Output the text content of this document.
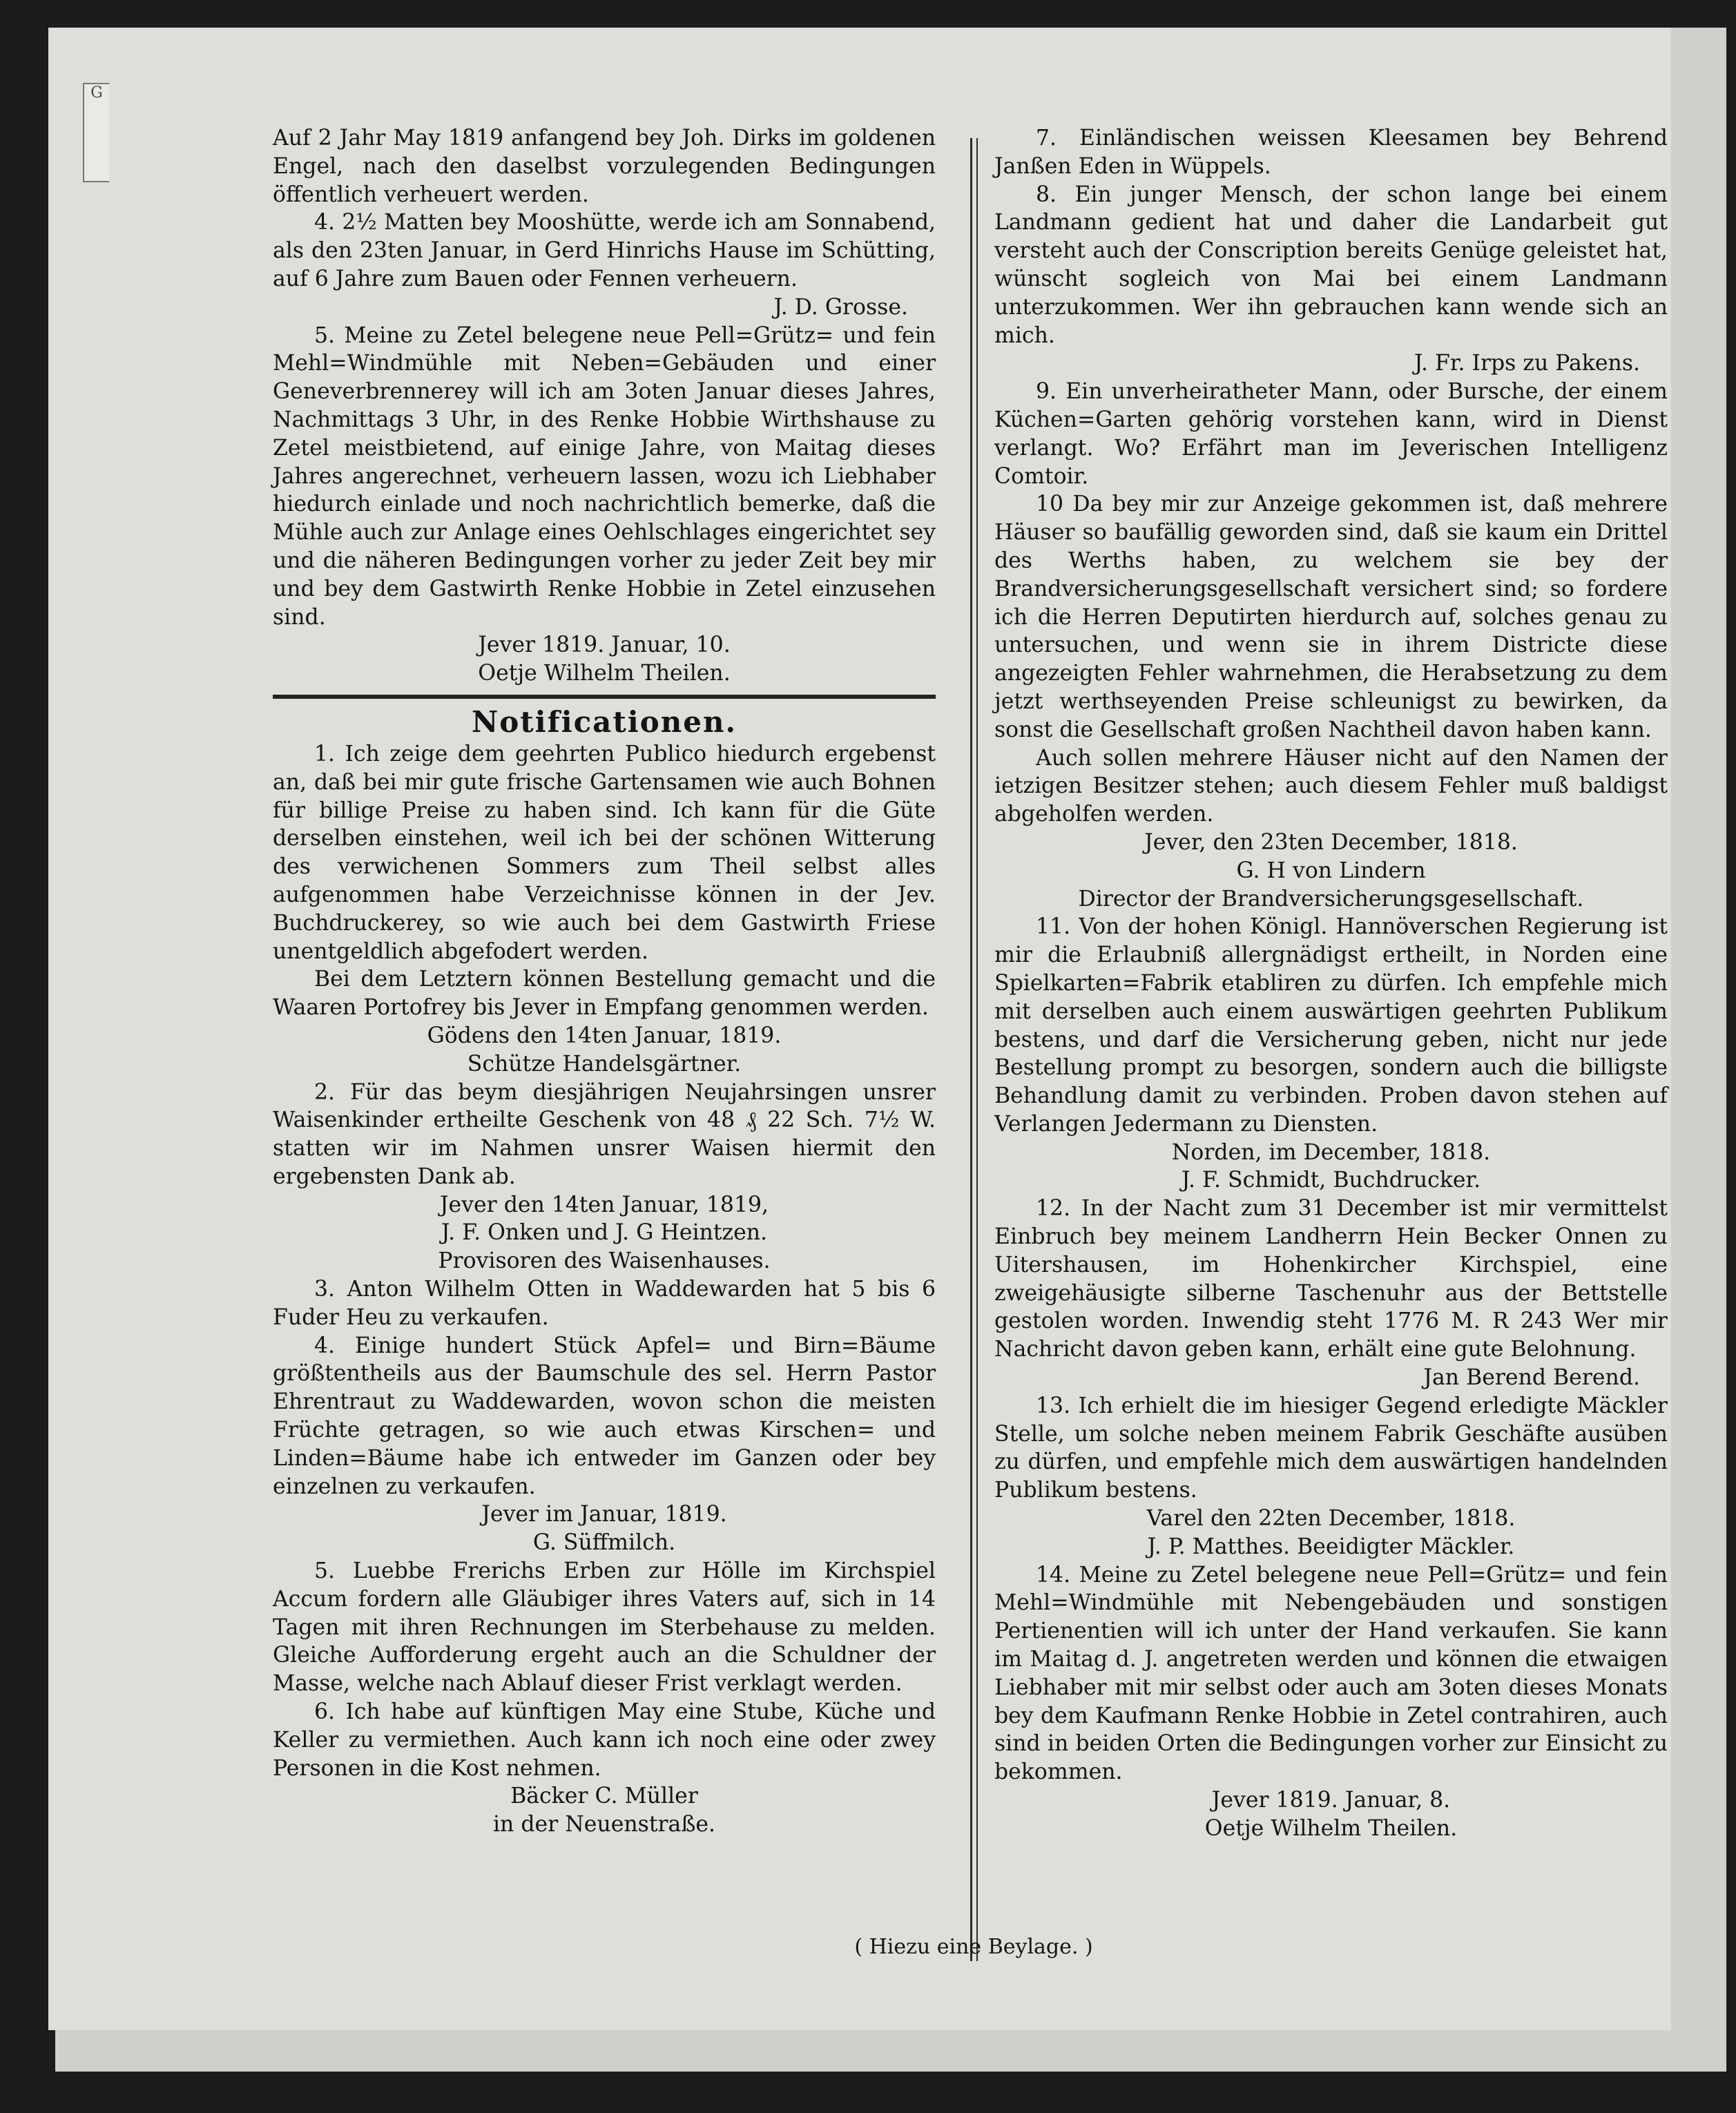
G

Auf 2 Jahr May 1819 anfangend bey Joh. Dirks im goldenen Engel, nach den daselbst vorzulegenden Bedingungen öffentlich verheuert werden.

4. 2½ Matten bey Mooshütte, werde ich am Sonnabend, als den 23ten Januar, in Gerd Hinrichs Hause im Schütting, auf 6 Jahre zum Bauen oder Fennen verheuern.

J. D. Grosse.

5. Meine zu Zetel belegene neue Pell=Grütz= und fein Mehl=Windmühle mit Neben=Gebäuden und einer Geneverbrennerey will ich am 3oten Januar dieses Jahres, Nachmittags 3 Uhr, in des Renke Hobbie Wirthshause zu Zetel meistbietend, auf einige Jahre, von Maitag dieses Jahres angerechnet, verheuern lassen, wozu ich Liebhaber hiedurch einlade und noch nachrichtlich bemerke, daß die Mühle auch zur Anlage eines Oehlschlages eingerichtet sey und die näheren Bedingungen vorher zu jeder Zeit bey mir und bey dem Gastwirth Renke Hobbie in Zetel einzusehen sind.

Jever 1819. Januar, 10.

Oetje Wilhelm Theilen.

Notificationen.

1. Ich zeige dem geehrten Publico hiedurch ergebenst an, daß bei mir gute frische Gartensamen wie auch Bohnen für billige Preise zu haben sind. Ich kann für die Güte derselben einstehen, weil ich bei der schönen Witterung des verwichenen Sommers zum Theil selbst alles aufgenommen habe Verzeichnisse können in der Jev. Buchdruckerey, so wie auch bei dem Gastwirth Friese unentgeldlich abgefodert werden.

Bei dem Letztern können Bestellung gemacht und die Waaren Portofrey bis Jever in Empfang genommen werden.

Gödens den 14ten Januar, 1819.

Schütze Handelsgärtner.

2. Für das beym diesjährigen Neujahrsingen unsrer Waisenkinder ertheilte Geschenk von 48 ₰ 22 Sch. 7½ W. statten wir im Nahmen unsrer Waisen hiermit den ergebensten Dank ab.

Jever den 14ten Januar, 1819,

J. F. Onken und J. G Heintzen.

Provisoren des Waisenhauses.

3. Anton Wilhelm Otten in Waddewarden hat 5 bis 6 Fuder Heu zu verkaufen.

4. Einige hundert Stück Apfel= und Birn=Bäume größtentheils aus der Baumschule des sel. Herrn Pastor Ehrentraut zu Waddewarden, wovon schon die meisten Früchte getragen, so wie auch etwas Kirschen= und Linden=Bäume habe ich entweder im Ganzen oder bey einzelnen zu verkaufen.

Jever im Januar, 1819.

G. Süffmilch.

5. Luebbe Frerichs Erben zur Hölle im Kirchspiel Accum fordern alle Gläubiger ihres Vaters auf, sich in 14 Tagen mit ihren Rechnungen im Sterbehause zu melden. Gleiche Aufforderung ergeht auch an die Schuldner der Masse, welche nach Ablauf dieser Frist verklagt werden.

6. Ich habe auf künftigen May eine Stube, Küche und Keller zu vermiethen. Auch kann ich noch eine oder zwey Personen in die Kost nehmen.

Bäcker C. Müller

in der Neuenstraße.

7. Einländischen weissen Kleesamen bey Behrend Janßen Eden in Wüppels.

8. Ein junger Mensch, der schon lange bei einem Landmann gedient hat und daher die Landarbeit gut versteht auch der Conscription bereits Genüge geleistet hat, wünscht sogleich von Mai bei einem Landmann unterzukommen. Wer ihn gebrauchen kann wende sich an mich.

J. Fr. Irps zu Pakens.

9. Ein unverheiratheter Mann, oder Bursche, der einem Küchen=Garten gehörig vorstehen kann, wird in Dienst verlangt. Wo? Erfährt man im Jeverischen Intelligenz Comtoir.

10 Da bey mir zur Anzeige gekommen ist, daß mehrere Häuser so baufällig geworden sind, daß sie kaum ein Drittel des Werths haben, zu welchem sie bey der Brandversicherungsgesellschaft versichert sind; so fordere ich die Herren Deputirten hierdurch auf, solches genau zu untersuchen, und wenn sie in ihrem Districte diese angezeigten Fehler wahrnehmen, die Herabsetzung zu dem jetzt werthseyenden Preise schleunigst zu bewirken, da sonst die Gesellschaft großen Nachtheil davon haben kann.

Auch sollen mehrere Häuser nicht auf den Namen der ietzigen Besitzer stehen; auch diesem Fehler muß baldigst abgeholfen werden.

Jever, den 23ten December, 1818.

G. H von Lindern

Director der Brandversicherungsgesellschaft.

11. Von der hohen Königl. Hannöverschen Regierung ist mir die Erlaubniß allergnädigst ertheilt, in Norden eine Spielkarten=Fabrik etabliren zu dürfen. Ich empfehle mich mit derselben auch einem auswärtigen geehrten Publikum bestens, und darf die Versicherung geben, nicht nur jede Bestellung prompt zu besorgen, sondern auch die billigste Behandlung damit zu verbinden. Proben davon stehen auf Verlangen Jedermann zu Diensten.

Norden, im December, 1818.

J. F. Schmidt, Buchdrucker.

12. In der Nacht zum 31 December ist mir vermittelst Einbruch bey meinem Landherrn Hein Becker Onnen zu Uitershausen, im Hohenkircher Kirchspiel, eine zweigehäusigte silberne Taschenuhr aus der Bettstelle gestolen worden. Inwendig steht 1776 M. R 243 Wer mir Nachricht davon geben kann, erhält eine gute Belohnung.

Jan Berend Berend.

13. Ich erhielt die im hiesiger Gegend erledigte Mäckler Stelle, um solche neben meinem Fabrik Geschäfte ausüben zu dürfen, und empfehle mich dem auswärtigen handelnden Publikum bestens.

Varel den 22ten December, 1818.

J. P. Matthes. Beeidigter Mäckler.

14. Meine zu Zetel belegene neue Pell=Grütz= und fein Mehl=Windmühle mit Nebengebäuden und sonstigen Pertienentien will ich unter der Hand verkaufen. Sie kann im Maitag d. J. angetreten werden und können die etwaigen Liebhaber mit mir selbst oder auch am 3oten dieses Monats bey dem Kaufmann Renke Hobbie in Zetel contrahiren, auch sind in beiden Orten die Bedingungen vorher zur Einsicht zu bekommen.

Jever 1819. Januar, 8.

Oetje Wilhelm Theilen.

( Hiezu eine Beylage. )
